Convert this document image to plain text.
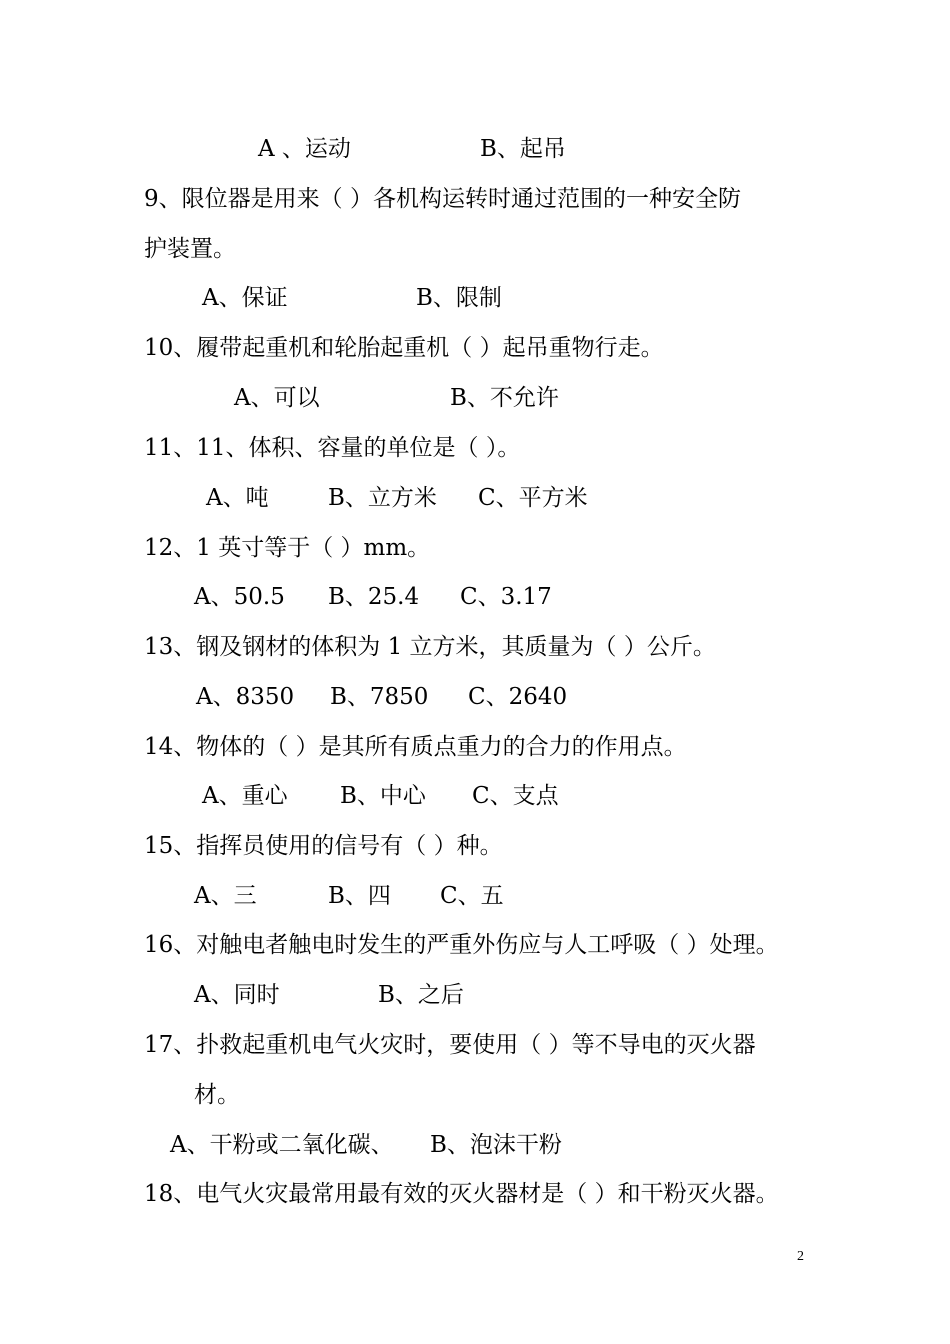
A 、运动	B、起吊
9、限位器是用来（ ）各机构运转时通过范围的一种安全防
护装置。
A、保证	B、限制
10、履带起重机和轮胎起重机（ ）起吊重物行走。
A、可以	B、不允许
11、11、体积、容量的单位是（ ）。
A、吨	B、立方米 C、平方米
12、1 英寸等于（ ）mm。
A、50.5 B、25.4 C、3.17
13、钢及钢材的体积为 1 立方米，其质量为（ ）公斤。
A、8350 B、7850 C、2640
14、物体的（ ）是其所有质点重力的合力的作用点。
A、重心 B、中心 C、支点
15、指挥员使用的信号有（ ）种。
A、三	B、四 C、五
16、对触电者触电时发生的严重外伤应与人工呼吸（ ）处理。
A、同时	B、之后
17、扑救起重机电气火灾时，要使用（ ）等不导电的灭火器
材。
A、干粉或二氧化碳、 B、泡沫干粉
18、电气火灾最常用最有效的灭火器材是（ ）和干粉灭火器。
2
